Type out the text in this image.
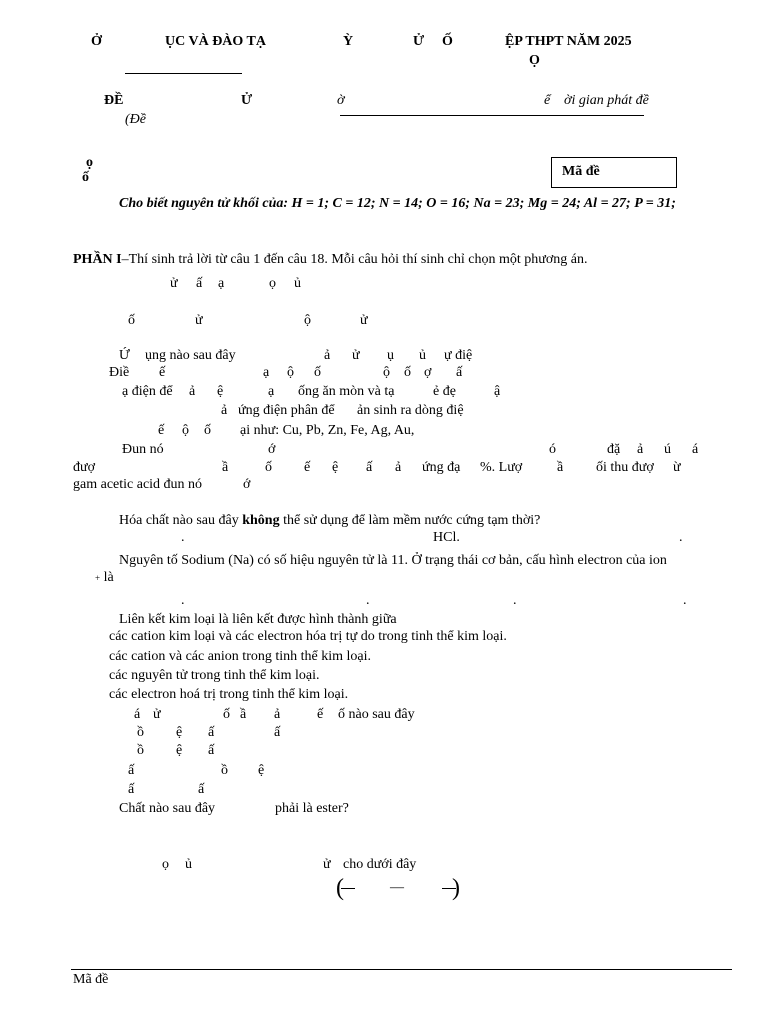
Ở	ỤC VÀ ĐÀO TẠ	Ỳ	Ử Ố	ỆP THPT NĂM 2025
Ọ
ĐỀ	Ử	ờ	ể ời gian phát đề
(Đề
ọ
ố	Mã đề
Cho biết nguyên tử khối của: H = 1; C = 12; N = 14; O = 16; Na = 23; Mg = 24; Al = 27; P = 31;
PHẦN I–Thí sinh trả lời từ câu 1 đến câu 18. Mỗi câu hỏi thí sinh chỉ chọn một phương án.
ử ấ ạ	ọ ủ
ố	ử	ộ	ử
Ứ ụng nào sau đây	ả ử ụ ủ ự điệ
Điề ế	ạ ộ ố	ộ ố ợ ấ
ạ điện để ả ệ	ạ ống ăn mòn và tạ	ẻ đẹ	ậ
ả ứng điện phân để ản sinh ra dòng điệ
ế ộ ố ại như: Cu, Pb, Zn, Fe, Ag, Au,
Đun nó	ớ	ó	đặ ả ú á
đượ	ầ	ố ế ệ ấ ả ứng đạ %. Lượ ầ ối thu đượ ừ
gam acetic acid đun nó	ớ
Hóa chất nào sau đây không thể sử dụng để làm mềm nước cứng tạm thời?
.	HCl.	.
Nguyên tố Sodium (Na) có số hiệu nguyên tử là 11. Ở trạng thái cơ bản, cấu hình electron của ion
+ là
.	.	.	.
Liên kết kim loại là liên kết được hình thành giữa
các cation kim loại và các electron hóa trị tự do trong tinh thể kim loại.
các cation và các anion trong tinh thể kim loại.
các nguyên tử trong tinh thể kim loại.
các electron hoá trị trong tinh thể kim loại.
á ử	ố ầ ả	ế ố nào sau đây
ồ ệ ấ	ấ
ồ ệ ấ
ấ	ồ ệ
ấ	ấ
Chất nào sau đây	phải là ester?
ọ ủ	ử cho dưới đây
(	— )
Mã đề
